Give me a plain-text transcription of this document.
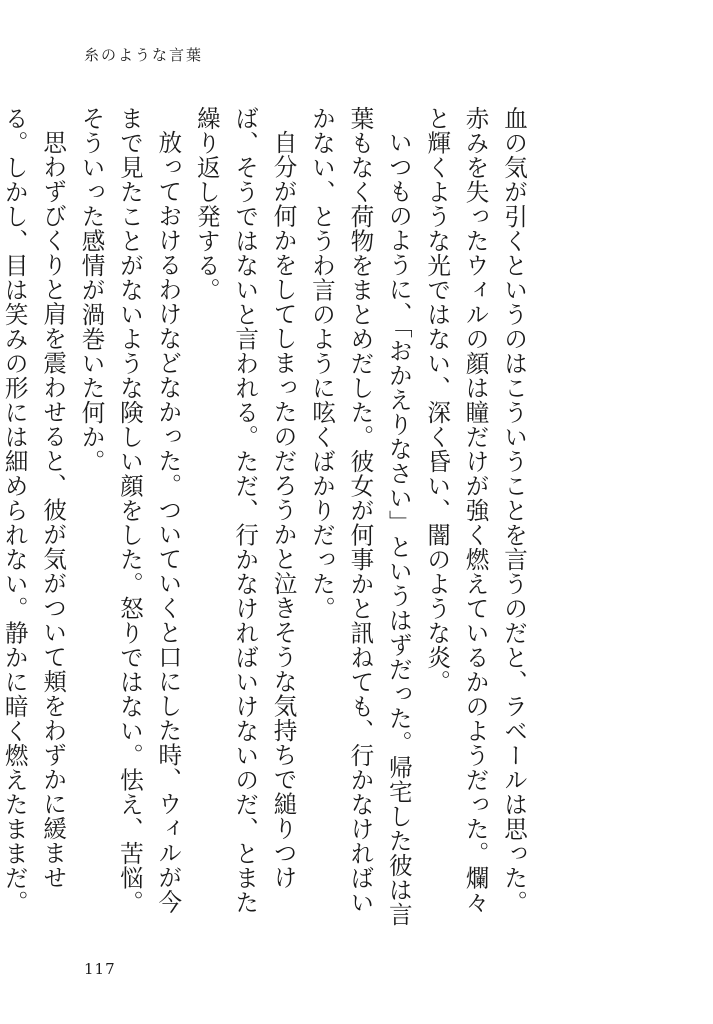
糸のような言葉

血の気が引くというのはこういうことを言うのだと、ラベールは思った。赤みを失ったウィルの顔は瞳だけが強く燃えているかのようだった。爛々と輝くような光ではない、深く昏い、闇のような炎。

いつものように、「おかえりなさい」というはずだった。帰宅した彼は言葉もなく荷物をまとめだした。彼女が何事かと訊ねても、行かなければいかない、とうわ言のように呟くばかりだった。

自分が何かをしてしまったのだろうかと泣きそうな気持ちで縋りつけば、そうではないと言われる。ただ、行かなければいけないのだ、とまた繰り返し発する。

放っておけるわけなどなかった。ついていくと口にした時、ウィルが今まで見たことがないような険しい顔をした。怒りではない。怯え、苦悩。そういった感情が渦巻いた何か。

思わずびくりと肩を震わせると、彼が気がついて頬をわずかに緩ませる。しかし、目は笑みの形には細められない。静かに暗く燃えたままだ。

117
